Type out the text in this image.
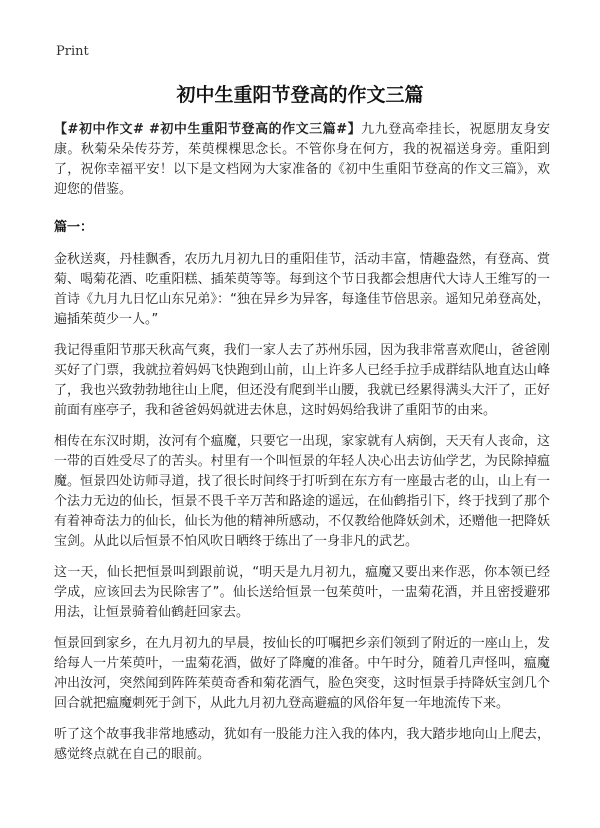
Print
初中生重阳节登高的作文三篇

【#初中作文# #初中生重阳节登高的作文三篇#】九九登高牵挂长，祝愿朋友身安康。秋菊朵朵传芬芳，茱萸棵棵思念长。不管你身在何方，我的祝福送身旁。重阳到了，祝你幸福平安！以下是文档网为大家准备的《初中生重阳节登高的作文三篇》，欢迎您的借鉴。

篇一：

金秋送爽，丹桂飘香，农历九月初九日的重阳佳节，活动丰富，情趣盎然，有登高、赏菊、喝菊花酒、吃重阳糕、插茱萸等等。每到这个节日我都会想唐代大诗人王维写的一首诗《九月九日忆山东兄弟》：“独在异乡为异客，每逢佳节倍思亲。遥知兄弟登高处，遍插茱萸少一人。”

我记得重阳节那天秋高气爽，我们一家人去了苏州乐园，因为我非常喜欢爬山，爸爸刚买好了门票，我就拉着妈妈飞快跑到山前，山上许多人已经手拉手成群结队地直达山峰了，我也兴致勃勃地往山上爬，但还没有爬到半山腰，我就已经累得满头大汗了，正好前面有座亭子，我和爸爸妈妈就进去休息，这时妈妈给我讲了重阳节的由来。

相传在东汉时期，汝河有个瘟魔，只要它一出现，家家就有人病倒，天天有人丧命，这一带的百姓受尽了的苦头。村里有一个叫恒景的年轻人决心出去访仙学艺，为民除掉瘟魔。恒景四处访师寻道，找了很长时间终于打听到在东方有一座最古老的山，山上有一个法力无边的仙长，恒景不畏千辛万苦和路途的遥远，在仙鹤指引下，终于找到了那个有着神奇法力的仙长，仙长为他的精神所感动，不仅教给他降妖剑术，还赠他一把降妖宝剑。从此以后恒景不怕风吹日晒终于练出了一身非凡的武艺。

这一天，仙长把恒景叫到跟前说，“明天是九月初九，瘟魔又要出来作恶，你本领已经学成，应该回去为民除害了”。仙长送给恒景一包茱萸叶，一盅菊花酒，并且密授避邪用法，让恒景骑着仙鹤赶回家去。

恒景回到家乡，在九月初九的早晨，按仙长的叮嘱把乡亲们领到了附近的一座山上，发给每人一片茱萸叶，一盅菊花酒，做好了降魔的准备。中午时分，随着几声怪叫，瘟魔冲出汝河，突然闻到阵阵茱萸奇香和菊花酒气，脸色突变，这时恒景手持降妖宝剑几个回合就把瘟魔刺死于剑下，从此九月初九登高避瘟的风俗年复一年地流传下来。

听了这个故事我非常地感动，犹如有一股能力注入我的体内，我大踏步地向山上爬去，感觉终点就在自己的眼前。
